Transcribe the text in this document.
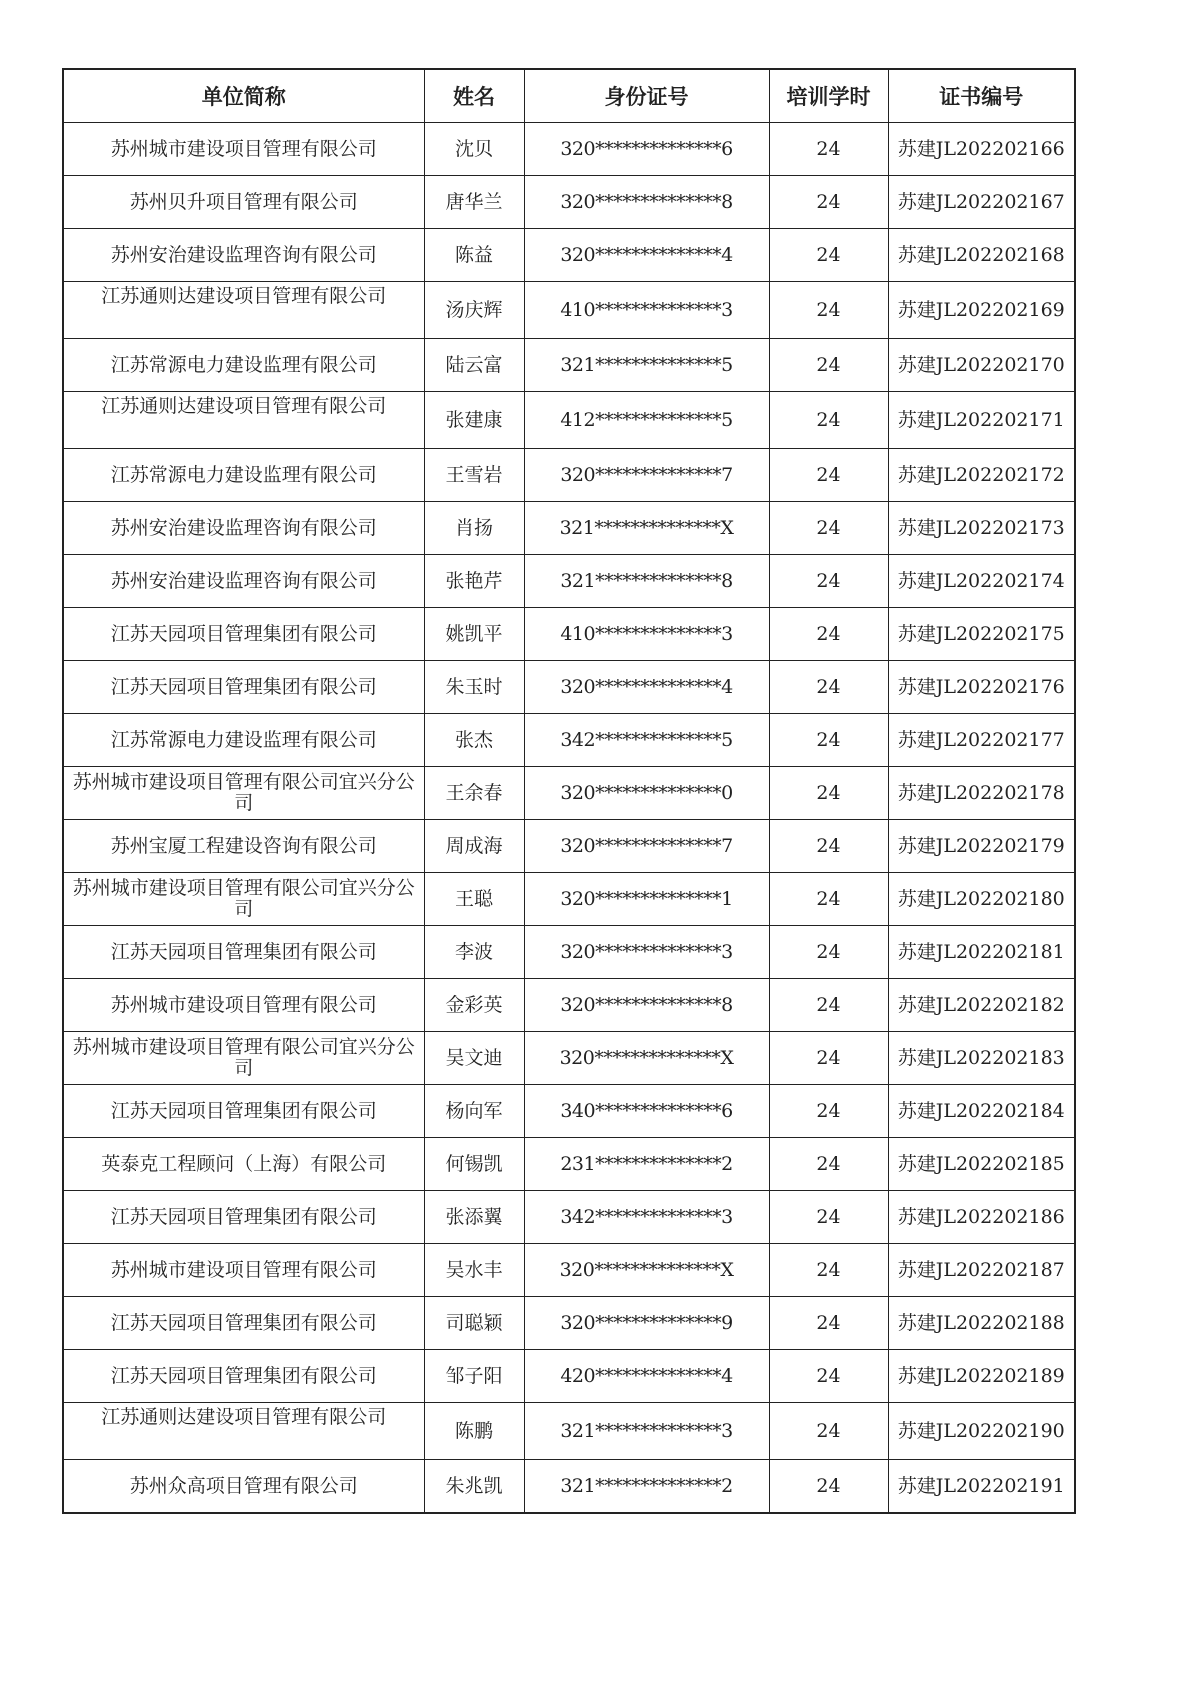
单位简称	姓名	身份证号	培训学时	证书编号
苏州城市建设项目管理有限公司	沈贝	320**************6	24	苏建JL202202166
苏州贝升项目管理有限公司	唐华兰	320**************8	24	苏建JL202202167
苏州安治建设监理咨询有限公司	陈益	320**************4	24	苏建JL202202168
江苏通则达建设项目管理有限公司	汤庆辉	410**************3	24	苏建JL202202169
江苏常源电力建设监理有限公司	陆云富	321**************5	24	苏建JL202202170
江苏通则达建设项目管理有限公司	张建康	412**************5	24	苏建JL202202171
江苏常源电力建设监理有限公司	王雪岩	320**************7	24	苏建JL202202172
苏州安治建设监理咨询有限公司	肖扬	321**************X	24	苏建JL202202173
苏州安治建设监理咨询有限公司	张艳芹	321**************8	24	苏建JL202202174
江苏天园项目管理集团有限公司	姚凯平	410**************3	24	苏建JL202202175
江苏天园项目管理集团有限公司	朱玉时	320**************4	24	苏建JL202202176
江苏常源电力建设监理有限公司	张杰	342**************5	24	苏建JL202202177
苏州城市建设项目管理有限公司宜兴分公司	王余春	320**************0	24	苏建JL202202178
苏州宝厦工程建设咨询有限公司	周成海	320**************7	24	苏建JL202202179
苏州城市建设项目管理有限公司宜兴分公司	王聪	320**************1	24	苏建JL202202180
江苏天园项目管理集团有限公司	李波	320**************3	24	苏建JL202202181
苏州城市建设项目管理有限公司	金彩英	320**************8	24	苏建JL202202182
苏州城市建设项目管理有限公司宜兴分公司	吴文迪	320**************X	24	苏建JL202202183
江苏天园项目管理集团有限公司	杨向军	340**************6	24	苏建JL202202184
英泰克工程顾问（上海）有限公司	何锡凯	231**************2	24	苏建JL202202185
江苏天园项目管理集团有限公司	张添翼	342**************3	24	苏建JL202202186
苏州城市建设项目管理有限公司	吴水丰	320**************X	24	苏建JL202202187
江苏天园项目管理集团有限公司	司聪颖	320**************9	24	苏建JL202202188
江苏天园项目管理集团有限公司	邹子阳	420**************4	24	苏建JL202202189
江苏通则达建设项目管理有限公司	陈鹏	321**************3	24	苏建JL202202190
苏州众高项目管理有限公司	朱兆凯	321**************2	24	苏建JL202202191
